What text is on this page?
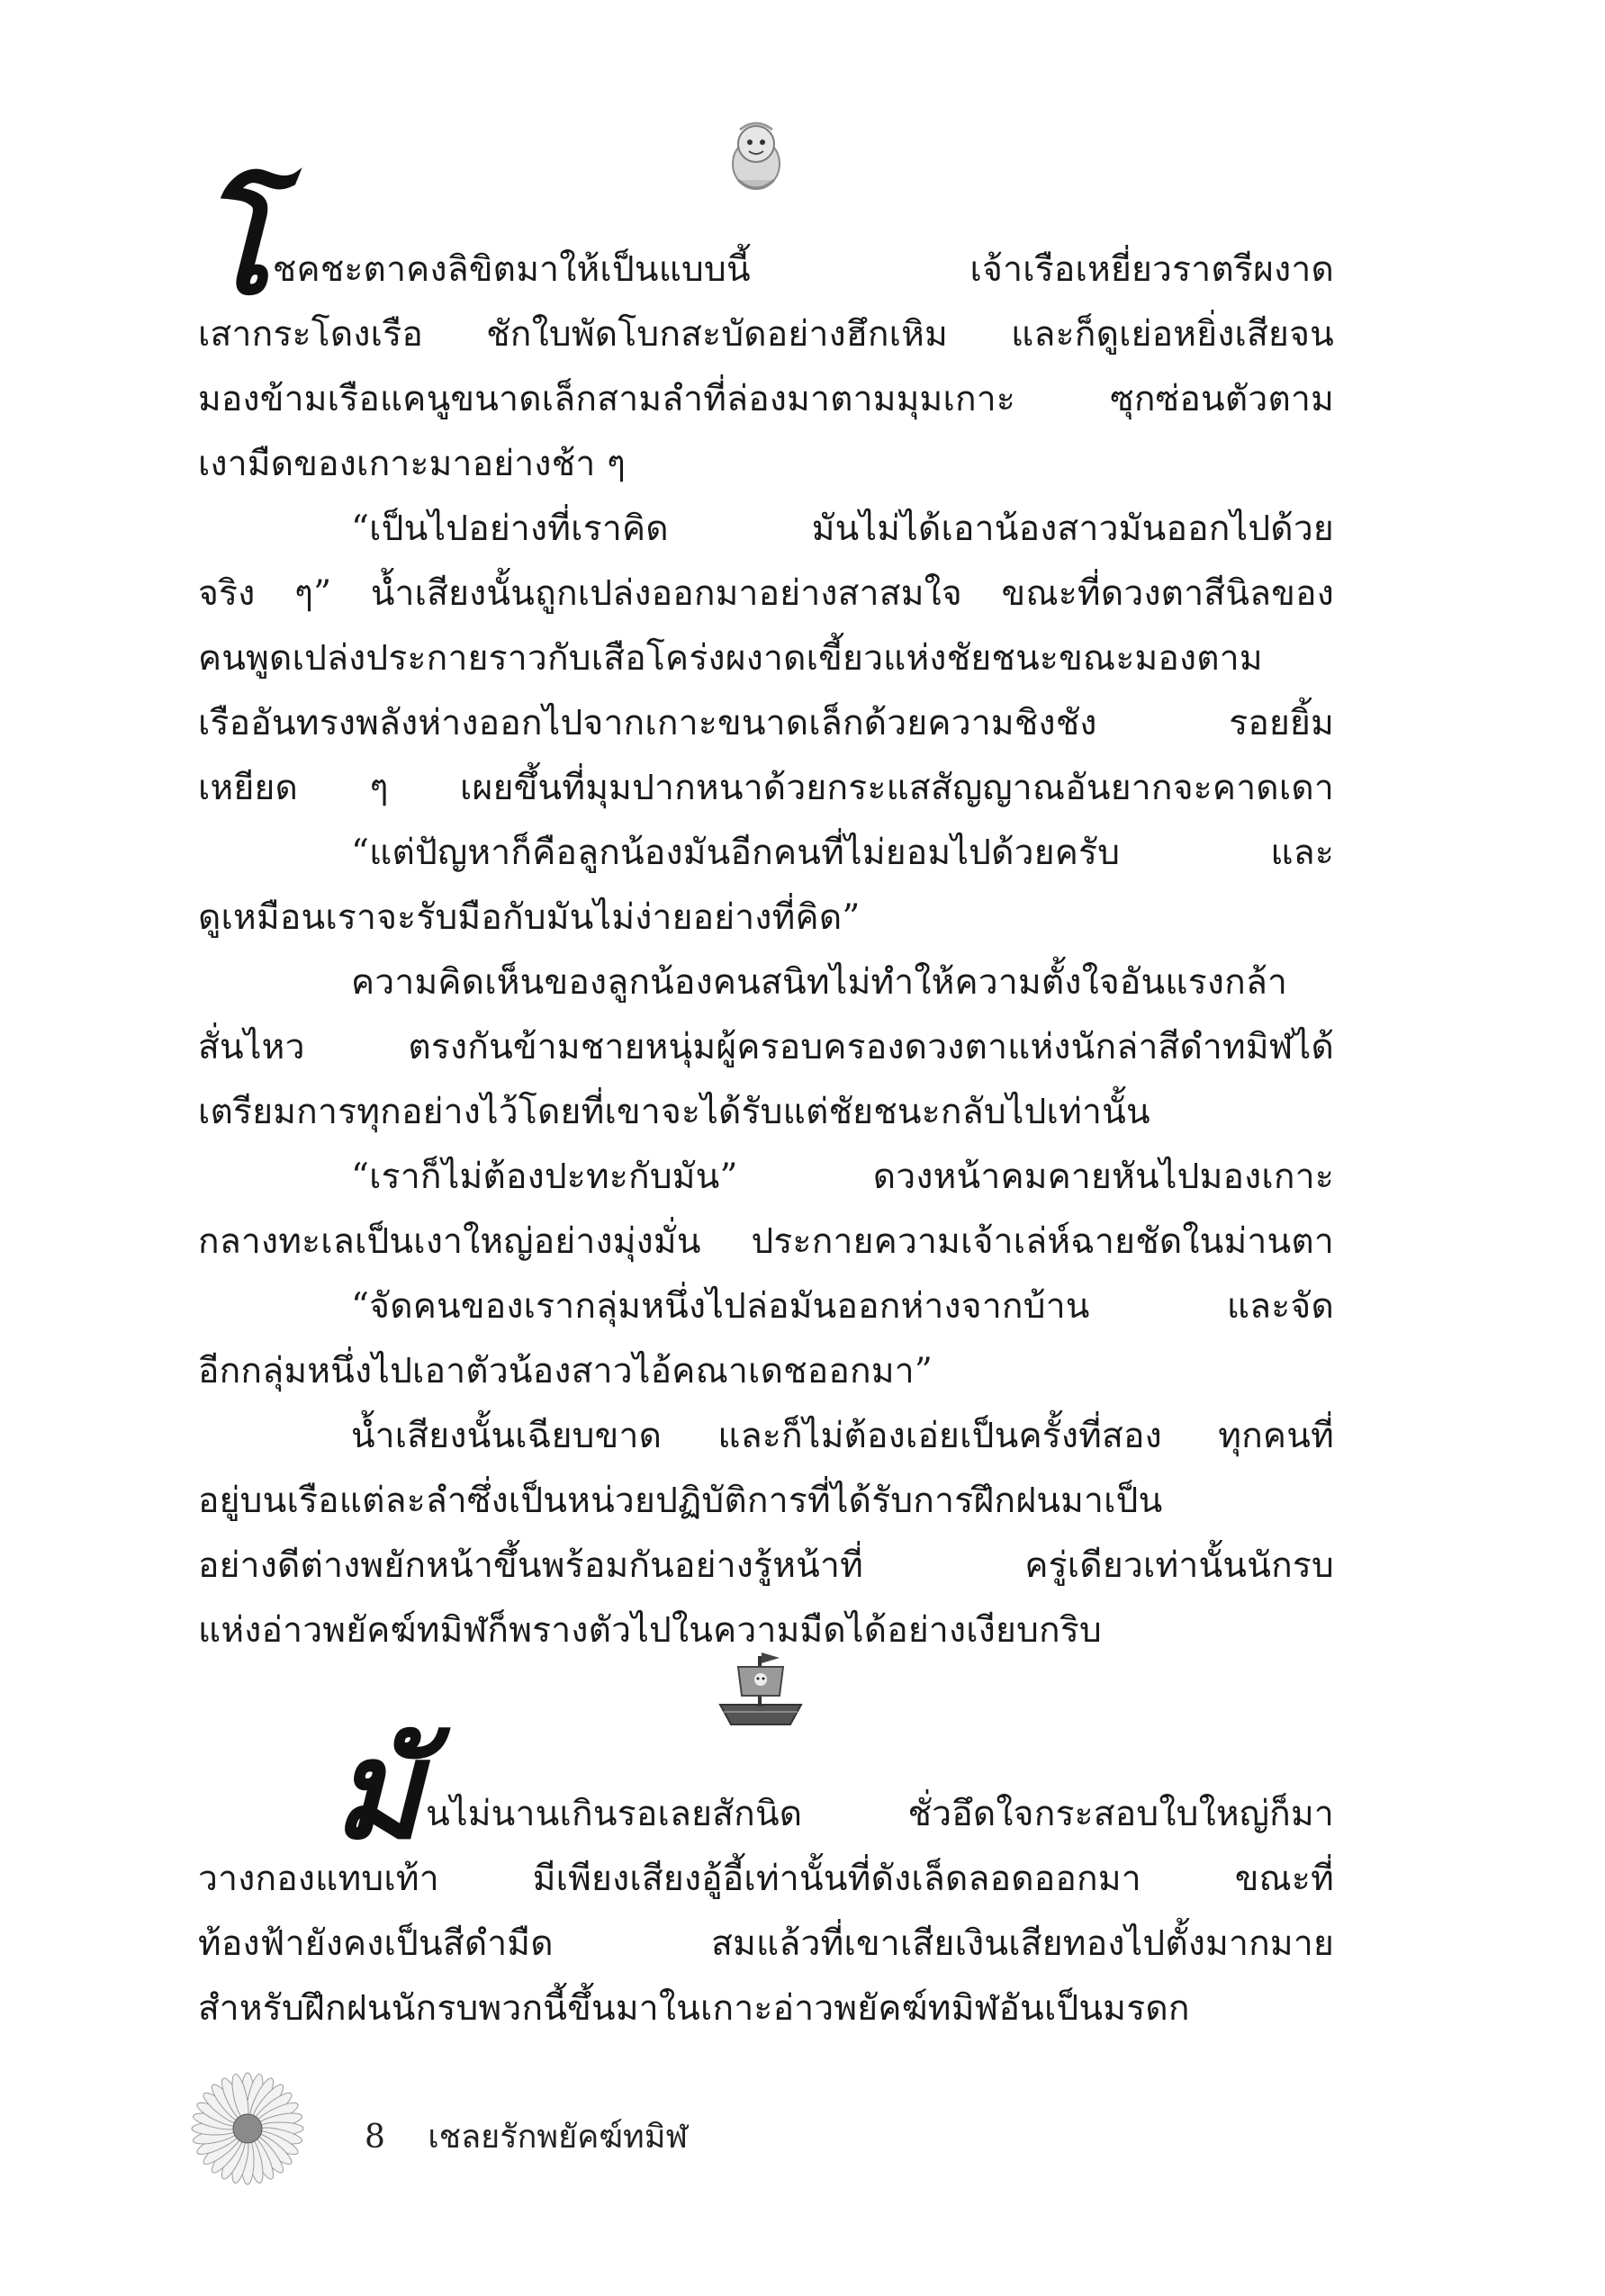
โ ชคชะตาคงลิขิตมาให้เป็นแบบนี้ เจ้าเรือเหยี่ยวราตรีผงาด
เสากระโดงเรือ ชักใบพัดโบกสะบัดอย่างฮึกเหิม และก็ดูเย่อหยิ่งเสียจน
มองข้ามเรือแคนูขนาดเล็กสามลำที่ล่องมาตามมุมเกาะ ซุกซ่อนตัวตาม
เงามืดของเกาะมาอย่างช้า ๆ
“เป็นไปอย่างที่เราคิด มันไม่ได้เอาน้องสาวมันออกไปด้วย
จริง ๆ” น้ำเสียงนั้นถูกเปล่งออกมาอย่างสาสมใจ ขณะที่ดวงตาสีนิลของ
คนพูดเปล่งประกายราวกับเสือโคร่งผงาดเขี้ยวแห่งชัยชนะขณะมองตาม
เรืออันทรงพลังห่างออกไปจากเกาะขนาดเล็กด้วยความชิงชัง รอยยิ้ม
เหยียด ๆ เผยขึ้นที่มุมปากหนาด้วยกระแสสัญญาณอันยากจะคาดเดา
“แต่ปัญหาก็คือลูกน้องมันอีกคนที่ไม่ยอมไปด้วยครับ และ
ดูเหมือนเราจะรับมือกับมันไม่ง่ายอย่างที่คิด”
ความคิดเห็นของลูกน้องคนสนิทไม่ทำให้ความตั้งใจอันแรงกล้า
สั่นไหว ตรงกันข้ามชายหนุ่มผู้ครอบครองดวงตาแห่งนักล่าสีดำทมิฬได้
เตรียมการทุกอย่างไว้โดยที่เขาจะได้รับแต่ชัยชนะกลับไปเท่านั้น
“เราก็ไม่ต้องปะทะกับมัน” ดวงหน้าคมคายหันไปมองเกาะ
กลางทะเลเป็นเงาใหญ่อย่างมุ่งมั่น ประกายความเจ้าเล่ห์ฉายชัดในม่านตา
“จัดคนของเรากลุ่มหนึ่งไปล่อมันออกห่างจากบ้าน และจัด
อีกกลุ่มหนึ่งไปเอาตัวน้องสาวไอ้คณาเดชออกมา”
น้ำเสียงนั้นเฉียบขาด และก็ไม่ต้องเอ่ยเป็นครั้งที่สอง ทุกคนที่
อยู่บนเรือแต่ละลำซึ่งเป็นหน่วยปฏิบัติการที่ได้รับการฝึกฝนมาเป็น
อย่างดีต่างพยักหน้าขึ้นพร้อมกันอย่างรู้หน้าที่ ครู่เดียวเท่านั้นนักรบ
แห่งอ่าวพยัคฆ์ทมิฬก็พรางตัวไปในความมืดได้อย่างเงียบกริบ
มั นไม่นานเกินรอเลยสักนิด ชั่วอึดใจกระสอบใบใหญ่ก็มา
วางกองแทบเท้า มีเพียงเสียงอู้อี้เท่านั้นที่ดังเล็ดลอดออกมา ขณะที่
ท้องฟ้ายังคงเป็นสีดำมืด สมแล้วที่เขาเสียเงินเสียทองไปตั้งมากมาย
สำหรับฝึกฝนนักรบพวกนี้ขึ้นมาในเกาะอ่าวพยัคฆ์ทมิฬอันเป็นมรดก
8 เชลยรักพยัคฆ์ทมิฬ
